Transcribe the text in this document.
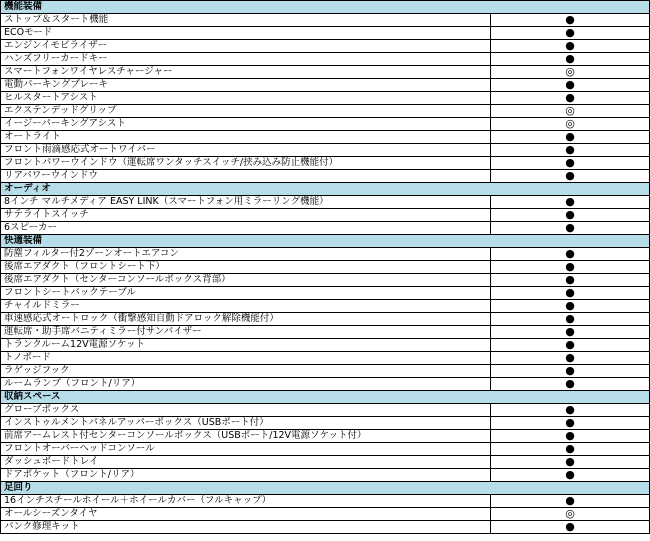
機能装備	
ストップ＆スタート機能	●
ECOモード	●
エンジンイモビライザー	●
ハンズフリーカードキー	●
スマートフォンワイヤレスチャージャー	◎
電動パーキングブレーキ	●
ヒルスタートアシスト	●
エクステンデッドグリップ	◎
イージーパーキングアシスト	◎
オートライト	●
フロント雨滴感応式オートワイパー	●
フロントパワーウインドウ（運転席ワンタッチスイッチ/挟み込み防止機能付）	●
リアパワーウインドウ	●
オーディオ	
8インチ マルチメディア EASY LINK（スマートフォン用ミラーリング機能）	●
サテライトスイッチ	●
6スピーカー	●
快適装備	
防塵フィルター付2ゾーンオートエアコン	●
後席エアダクト（フロントシート下）	●
後席エアダクト（センターコンソールボックス背部）	●
フロントシートバックテーブル	●
チャイルドミラー	●
車速感応式オートロック（衝撃感知自動ドアロック解除機能付）	●
運転席・助手席バニティミラー付サンバイザー	●
トランクルーム12V電源ソケット	●
トノボード	●
ラゲッジフック	●
ルームランプ（フロント/リア）	●
収納スペース	
グローブボックス	●
インストゥルメントパネルアッパーボックス（USBポート付）	●
前席アームレスト付センターコンソールボックス（USBポート/12V電源ソケット付）	●
フロントオーバーヘッドコンソール	●
ダッシュボードトレイ	●
ドアポケット（フロント/リア）	●
足回り	
16インチスチールホイール＋ホイールカバー（フルキャップ）	●
オールシーズンタイヤ	◎
パンク修理キット	●
